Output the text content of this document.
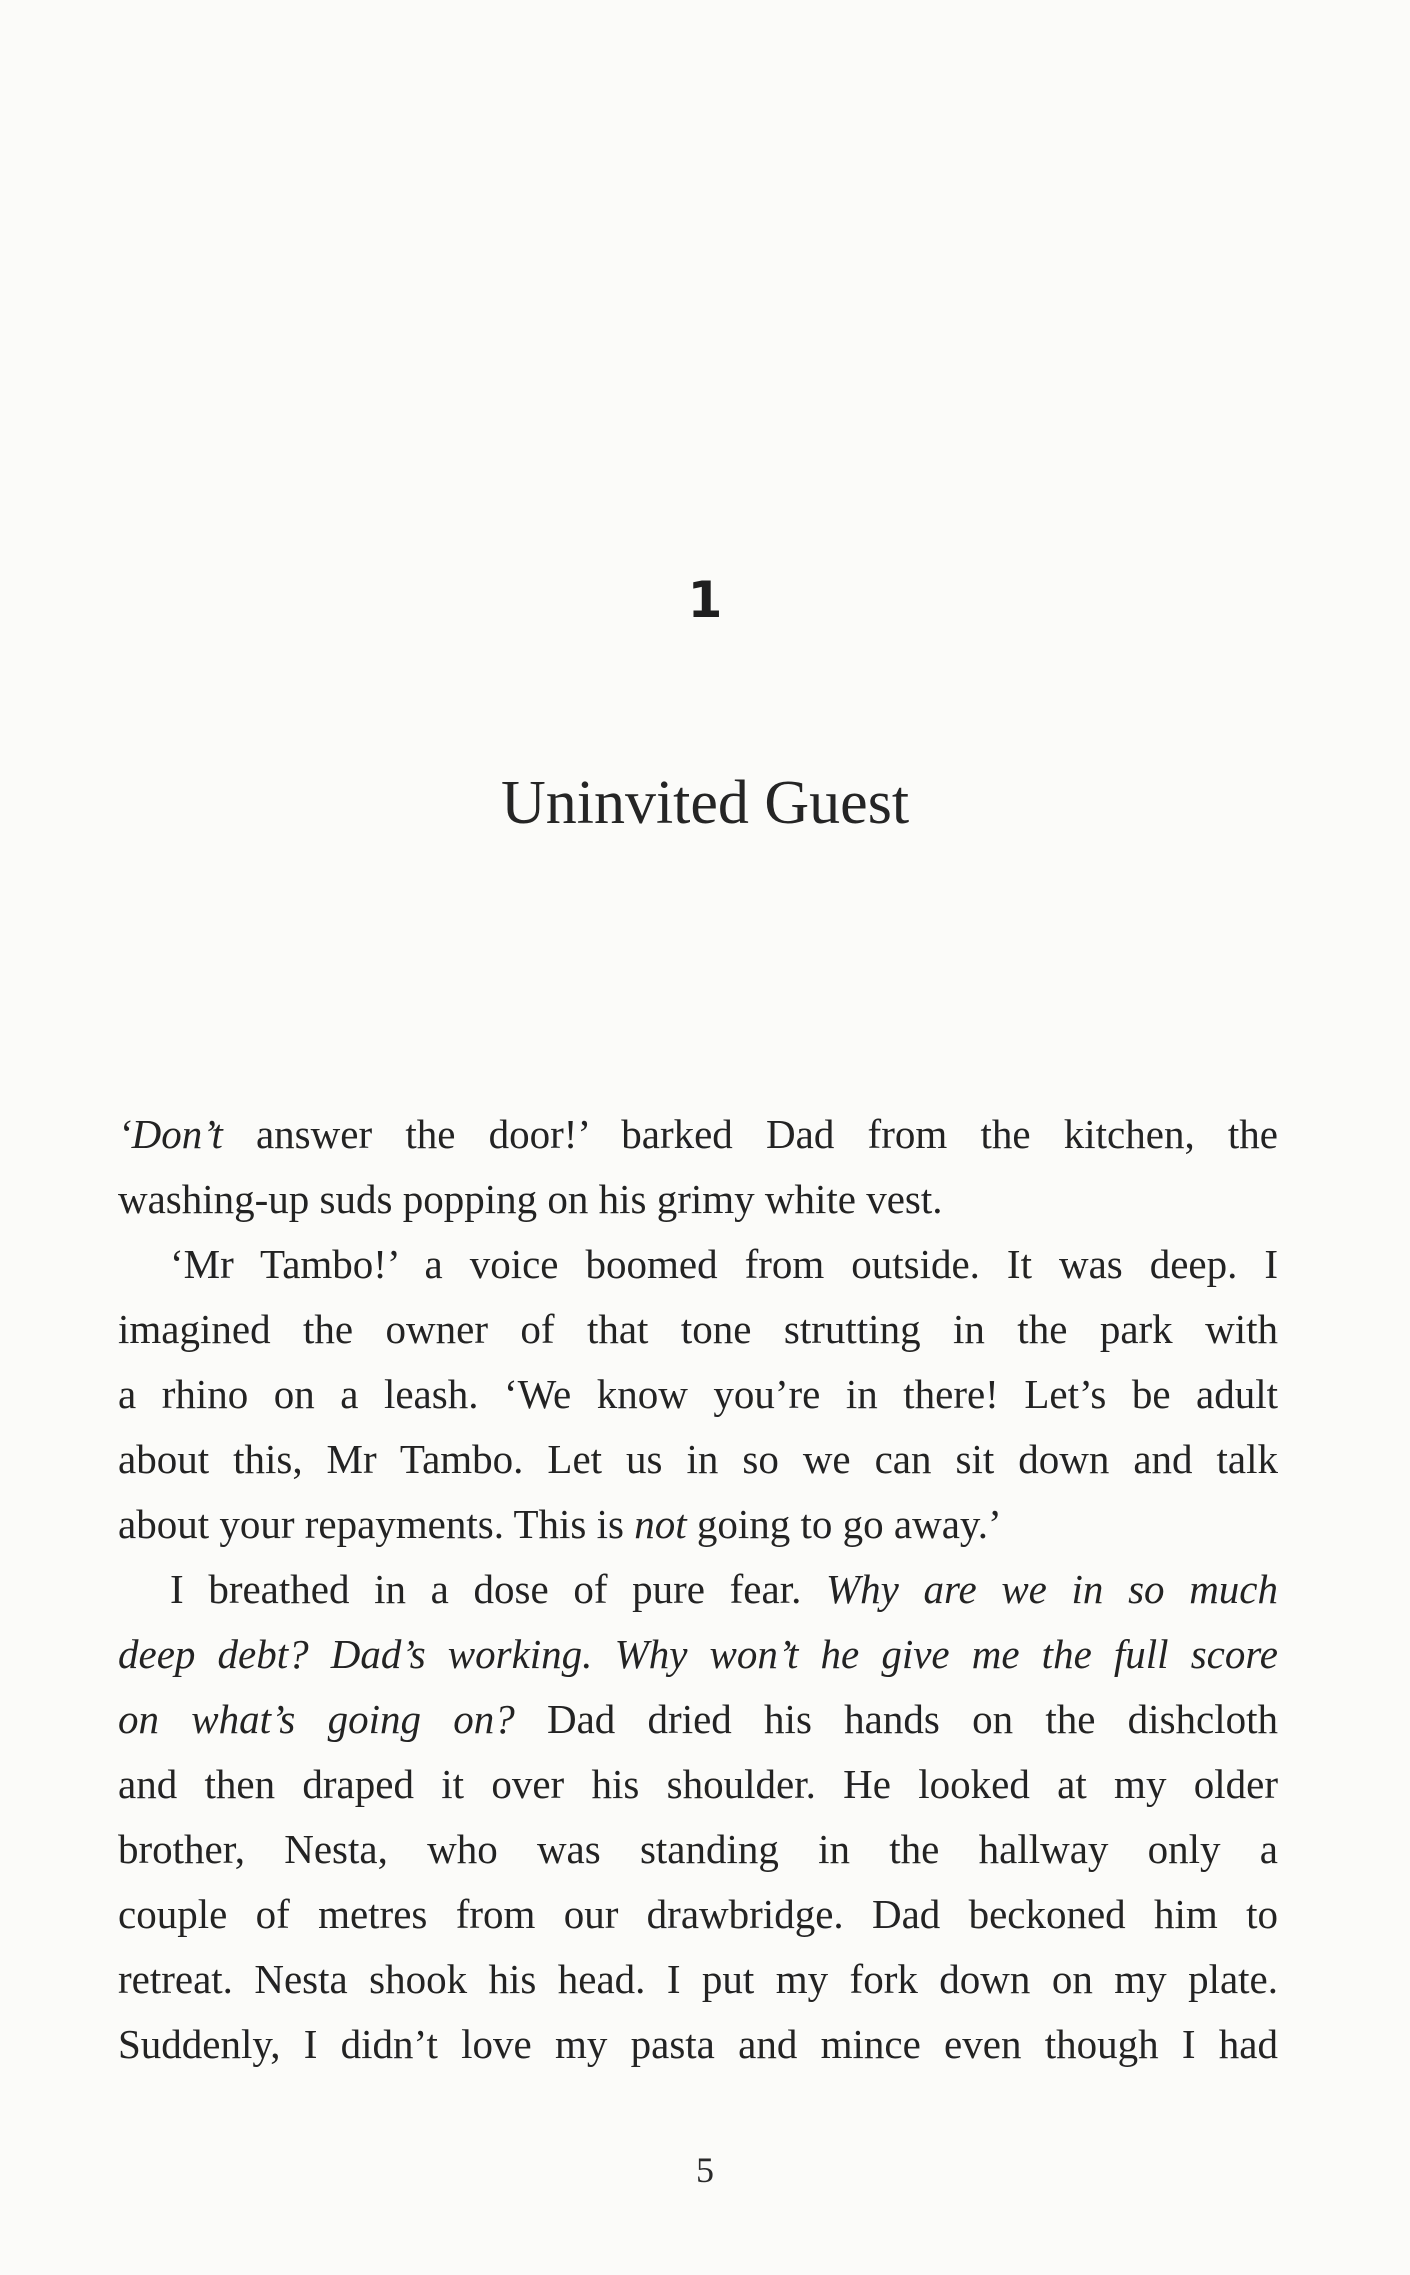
1
Uninvited Guest
‘Don’t answer the door!’ barked Dad from the kitchen, the
washing-up suds popping on his grimy white vest.
‘Mr Tambo!’ a voice boomed from outside. It was deep. I
imagined the owner of that tone strutting in the park with
a rhino on a leash. ‘We know you’re in there! Let’s be adult
about this, Mr Tambo. Let us in so we can sit down and talk
about your repayments. This is not going to go away.’
I breathed in a dose of pure fear. Why are we in so much
deep debt? Dad’s working. Why won’t he give me the full score
on what’s going on? Dad dried his hands on the dishcloth
and then draped it over his shoulder. He looked at my older
brother, Nesta, who was standing in the hallway only a
couple of metres from our drawbridge. Dad beckoned him to
retreat. Nesta shook his head. I put my fork down on my plate.
Suddenly, I didn’t love my pasta and mince even though I had
5
